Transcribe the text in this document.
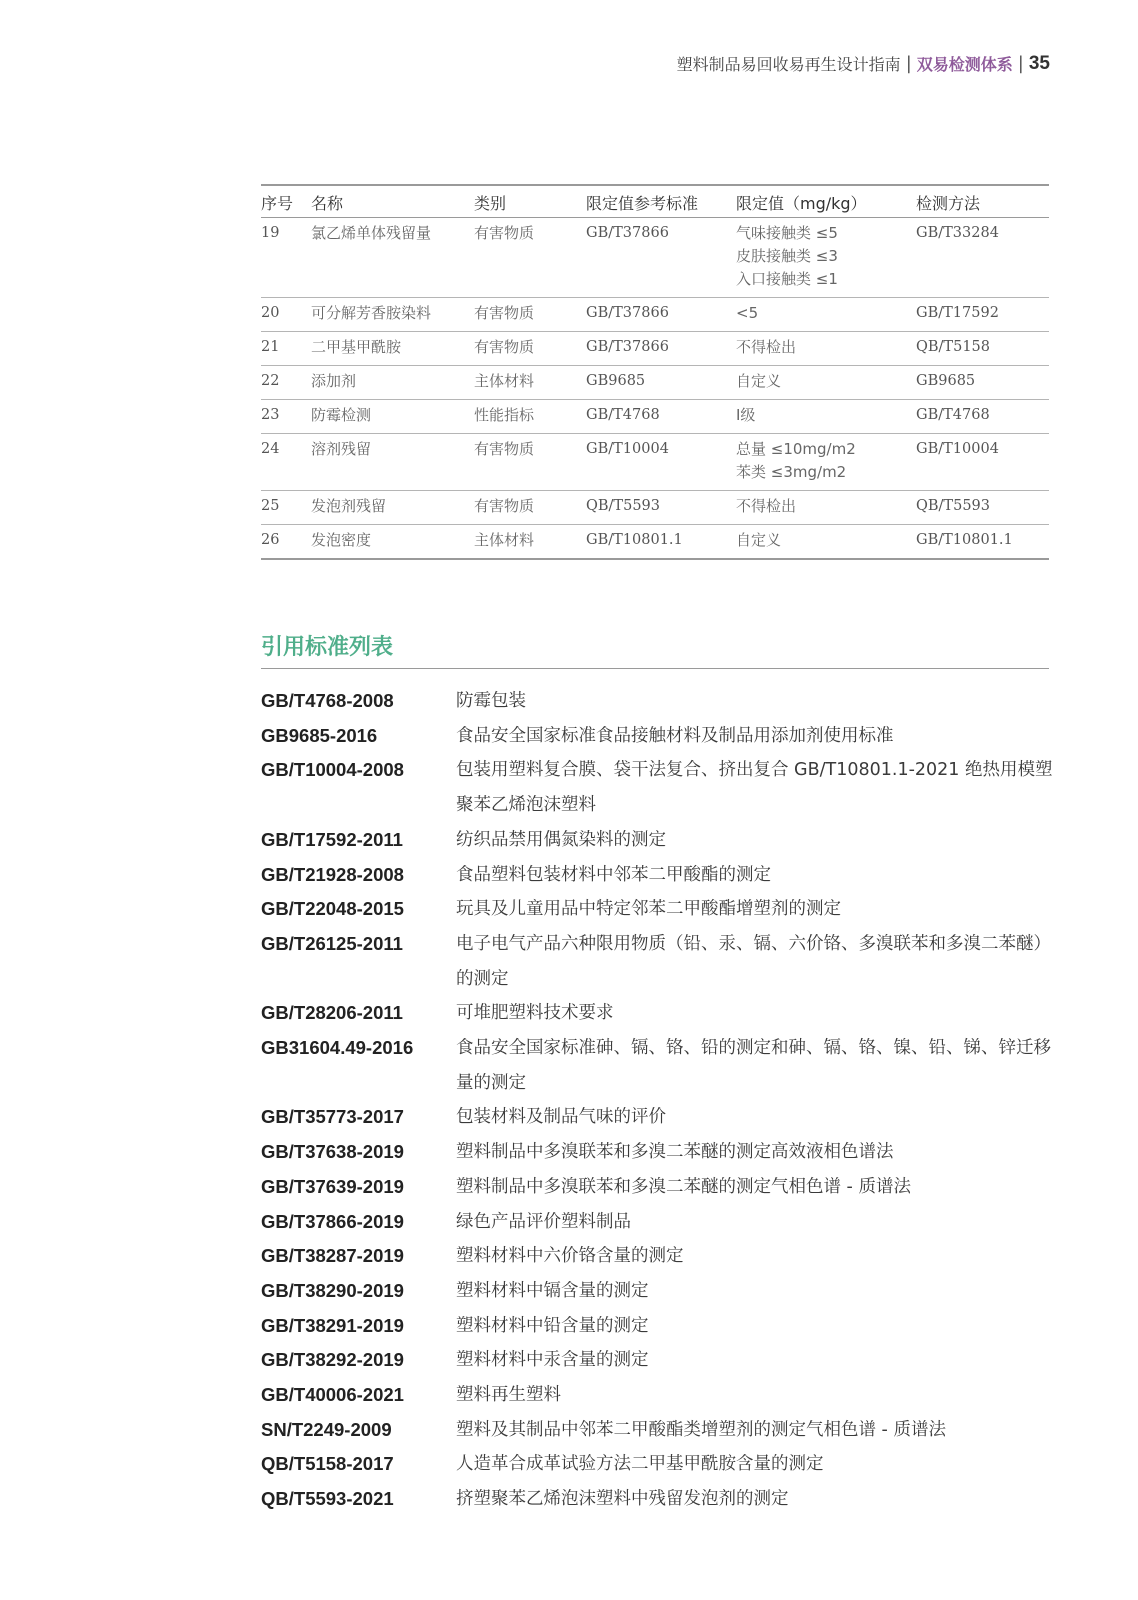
塑料制品易回收易再生设计指南 | 双易检测体系 | 35
序号	名称	类别	限定值参考标准	限定值（mg/kg）	检测方法
19	氯乙烯单体残留量	有害物质	GB/T37866	气味接触类 ≤5
皮肤接触类 ≤3
入口接触类 ≤1	GB/T33284
20	可分解芳香胺染料	有害物质	GB/T37866	<5	GB/T17592
21	二甲基甲酰胺	有害物质	GB/T37866	不得检出	QB/T5158
22	添加剂	主体材料	GB9685	自定义	GB9685
23	防霉检测	性能指标	GB/T4768	I级	GB/T4768
24	溶剂残留	有害物质	GB/T10004	总量 ≤10mg/m2
苯类 ≤3mg/m2	GB/T10004
25	发泡剂残留	有害物质	QB/T5593	不得检出	QB/T5593
26	发泡密度	主体材料	GB/T10801.1	自定义	GB/T10801.1
引用标准列表
GB/T4768-2008	防霉包装
GB9685-2016	食品安全国家标准食品接触材料及制品用添加剂使用标准
GB/T10004-2008	包装用塑料复合膜、袋干法复合、挤出复合 GB/T10801.1-2021 绝热用模塑聚苯乙烯泡沫塑料
GB/T17592-2011	纺织品禁用偶氮染料的测定
GB/T21928-2008	食品塑料包装材料中邻苯二甲酸酯的测定
GB/T22048-2015	玩具及儿童用品中特定邻苯二甲酸酯增塑剂的测定
GB/T26125-2011	电子电气产品六种限用物质（铅、汞、镉、六价铬、多溴联苯和多溴二苯醚）的测定
GB/T28206-2011	可堆肥塑料技术要求
GB31604.49-2016	食品安全国家标准砷、镉、铬、铅的测定和砷、镉、铬、镍、铅、锑、锌迁移量的测定
GB/T35773-2017	包装材料及制品气味的评价
GB/T37638-2019	塑料制品中多溴联苯和多溴二苯醚的测定高效液相色谱法
GB/T37639-2019	塑料制品中多溴联苯和多溴二苯醚的测定气相色谱 - 质谱法
GB/T37866-2019	绿色产品评价塑料制品
GB/T38287-2019	塑料材料中六价铬含量的测定
GB/T38290-2019	塑料材料中镉含量的测定
GB/T38291-2019	塑料材料中铅含量的测定
GB/T38292-2019	塑料材料中汞含量的测定
GB/T40006-2021	塑料再生塑料
SN/T2249-2009	塑料及其制品中邻苯二甲酸酯类增塑剂的测定气相色谱 - 质谱法
QB/T5158-2017	人造革合成革试验方法二甲基甲酰胺含量的测定
QB/T5593-2021	挤塑聚苯乙烯泡沫塑料中残留发泡剂的测定
